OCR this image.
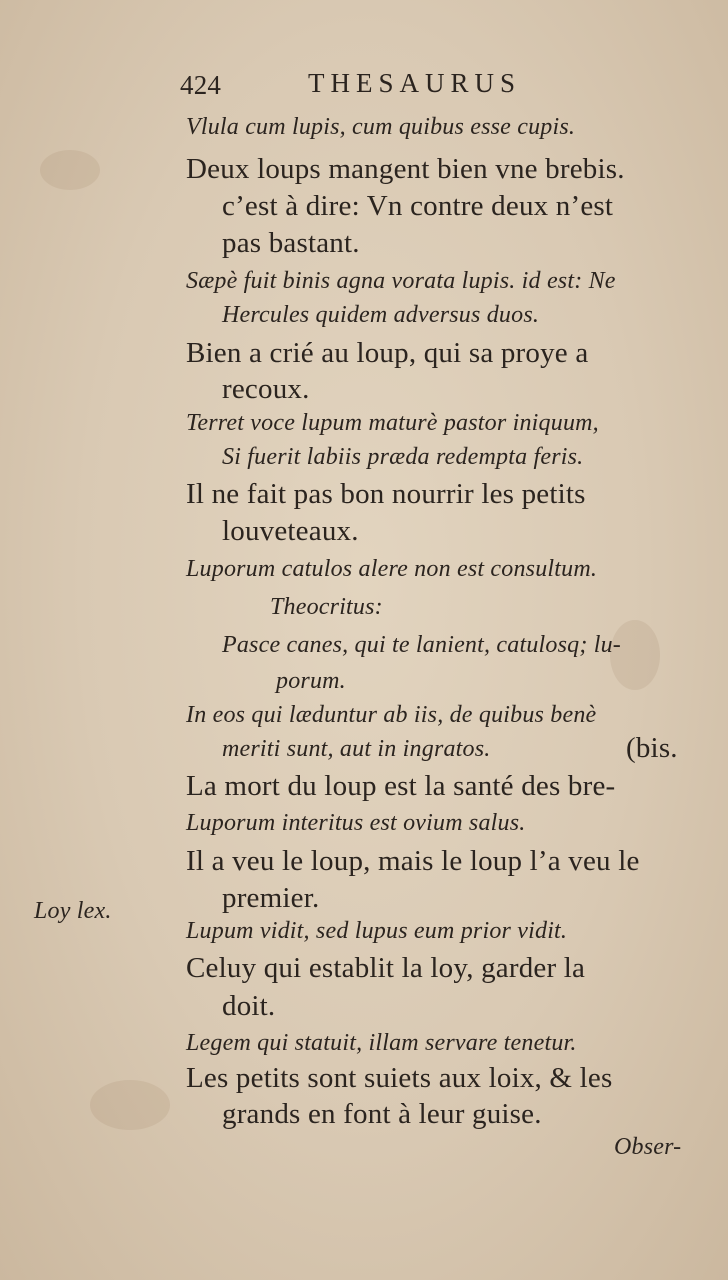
424	THESAURUS
Loy lex.
Vlula cum lupis, cum quibus esse cupis.
Deux loups mangent bien vne brebis.
c’est à dire: Vn contre deux n’est
pas bastant.
Sæpè fuit binis agna vorata lupis. id est: Ne
Hercules quidem adversus duos.
Bien a crié au loup, qui sa proye a
recoux.
Terret voce lupum maturè pastor iniquum,
Si fuerit labiis præda redempta feris.
Il ne fait pas bon nourrir les petits
louveteaux.
Luporum catulos alere non est consultum.
Theocritus:
Pasce canes, qui te lanient, catulosq; lu-
porum.
In eos qui læduntur ab iis, de quibus benè
meriti sunt, aut in ingratos.	(bis.
La mort du loup est la santé des bre-
Luporum interitus est ovium salus.
Il a veu le loup, mais le loup l’a veu le
premier.
Lupum vidit, sed lupus eum prior vidit.
Celuy qui establit la loy, garder la
doit.
Legem qui statuit, illam servare tenetur.
Les petits sont suiets aux loix, & les
grands en font à leur guise.
Obser-
